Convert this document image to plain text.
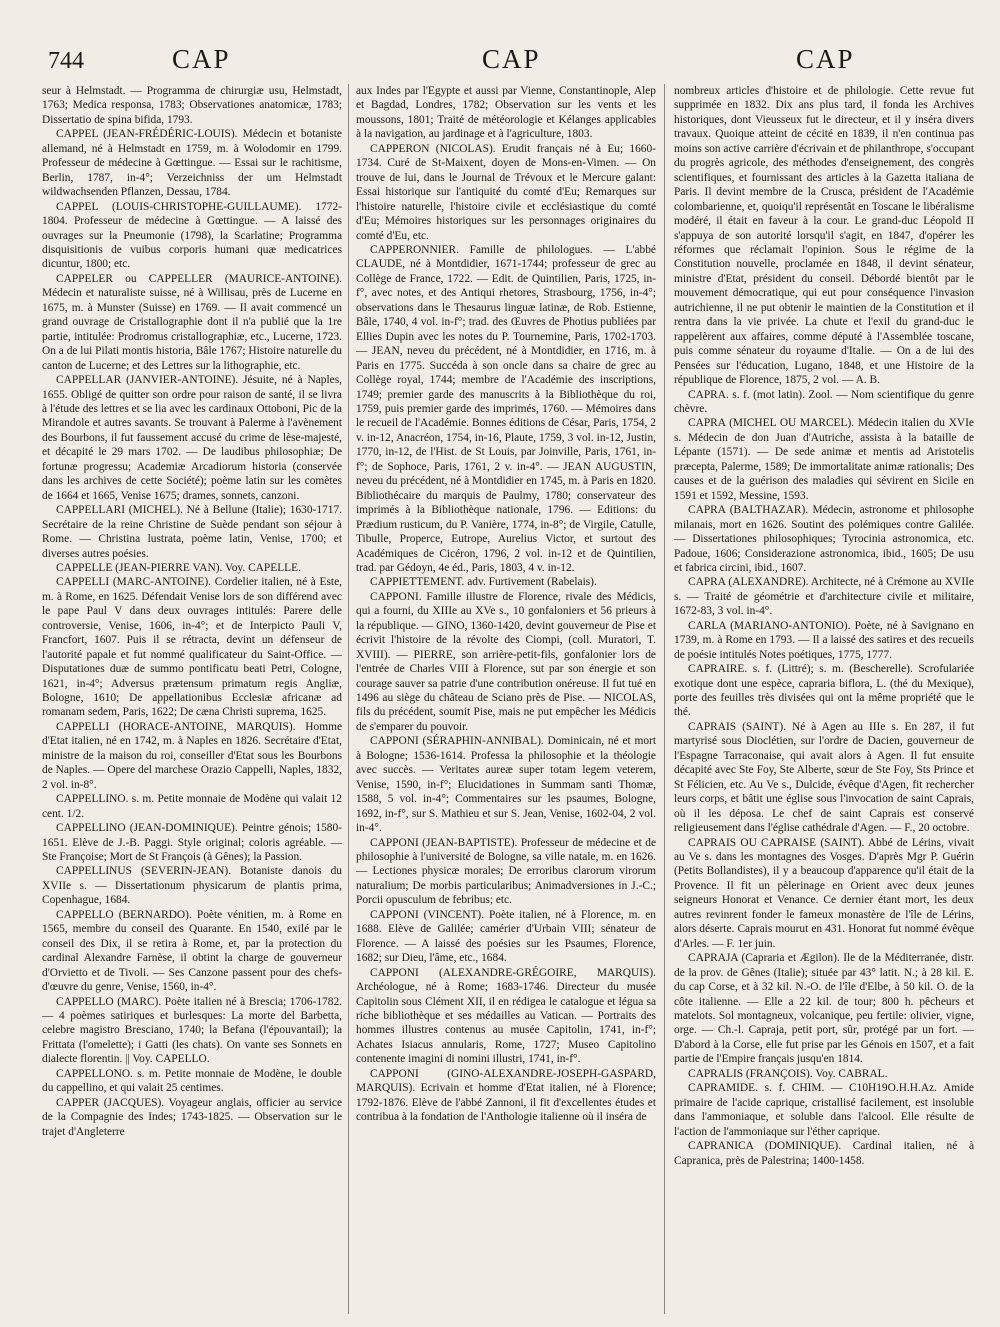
744	CAP	CAP	CAP

seur à Helmstadt. — Programma de chirurgiæ usu, Helmstadt, 1763; Medica responsa, 1783; Observationes anatomicæ, 1783; Dissertatio de spina bifida, 1793.

CAPPEL (JEAN-FRÉDÉRIC-LOUIS). Médecin et botaniste allemand, né à Helmstadt en 1759, m. à Wolodomir en 1799. Professeur de médecine à Gœttingue. — Essai sur le rachitisme, Berlin, 1787, in-4°; Verzeichniss der um Helmstadt wildwachsenden Pflanzen, Dessau, 1784.

CAPPEL (LOUIS-CHRISTOPHE-GUILLAUME). 1772-1804. Professeur de médecine à Gœttingue. — A laissé des ouvrages sur la Pneumonie (1798), la Scarlatine; Programma disquisitionis de vuibus corporis humani quæ medicatrices dicuntur, 1800; etc.

CAPPELER ou CAPPELLER (MAURICE-ANTOINE). Médecin et naturaliste suisse, né à Willisau, près de Lucerne en 1675, m. à Munster (Suisse) en 1769. — Il avait commencé un grand ouvrage de Cristallographie dont il n'a publié que la 1re partie, intitulée: Prodromus cristallographiæ, etc., Lucerne, 1723. On a de lui Pilati montis historia, Bâle 1767; Histoire naturelle du canton de Lucerne; et des Lettres sur la lithographie, etc.

CAPPELLAR (JANVIER-ANTOINE). Jésuite, né à Naples, 1655. Obligé de quitter son ordre pour raison de santé, il se livra à l'étude des lettres et se lia avec les cardinaux Ottoboni, Pic de la Mirandole et autres savants. Se trouvant à Palerme à l'avènement des Bourbons, il fut faussement accusé du crime de lèse-majesté, et décapité le 29 mars 1702. — De laudibus philosophiæ; De fortunæ progressu; Academiæ Arcadiorum historia (conservée dans les archives de cette Société); poème latin sur les comètes de 1664 et 1665, Venise 1675; drames, sonnets, canzoni.

CAPPELLARI (MICHEL). Né à Bellune (Italie); 1630-1717. Secrétaire de la reine Christine de Suède pendant son séjour à Rome. — Christina lustrata, poème latin, Venise, 1700; et diverses autres poésies.

CAPPELLE (JEAN-PIERRE VAN). Voy. CAPELLE.

CAPPELLI (MARC-ANTOINE). Cordelier italien, né à Este, m. à Rome, en 1625. Défendait Venise lors de son différend avec le pape Paul V dans deux ouvrages intitulés: Parere delle controversie, Venise, 1606, in-4°; et de Interpicto Pauli V, Francfort, 1607. Puis il se rétracta, devint un défenseur de l'autorité papale et fut nommé qualificateur du Saint-Office. — Disputationes duæ de summo pontificatu beati Petri, Cologne, 1621, in-4°; Adversus prætensum primatum regis Angliæ, Bologne, 1610; De appellationibus Ecclesiæ africanæ ad romanam sedem, Paris, 1622; De cæna Christi suprema, 1625.

CAPPELLI (HORACE-ANTOINE, MARQUIS). Homme d'Etat italien, né en 1742, m. à Naples en 1826. Secrétaire d'Etat, ministre de la maison du roi, conseiller d'Etat sous les Bourbons de Naples. — Opere del marchese Orazio Cappelli, Naples, 1832, 2 vol. in-8°.

CAPPELLINO. s. m. Petite monnaie de Modène qui valait 12 cent. 1/2.

CAPPELLINO (JEAN-DOMINIQUE). Peintre génois; 1580-1651. Elève de J.-B. Paggi. Style original; coloris agréable. — Ste Françoise; Mort de St François (à Gênes); la Passion.

CAPPELLINUS (SEVERIN-JEAN). Botaniste danois du XVIIe s. — Dissertationum physicarum de plantis prima, Copenhague, 1684.

CAPPELLO (BERNARDO). Poète vénitien, m. à Rome en 1565, membre du conseil des Quarante. En 1540, exilé par le conseil des Dix, il se retira à Rome, et, par la protection du cardinal Alexandre Farnèse, il obtint la charge de gouverneur d'Orvietto et de Tivoli. — Ses Canzone passent pour des chefs-d'œuvre du genre, Venise, 1560, in-4°.

CAPPELLO (MARC). Poète italien né à Brescia; 1706-1782. — 4 poèmes satiriques et burlesques: La morte del Barbetta, celebre magistro Bresciano, 1740; la Befana (l'épouvantail); la Frittata (l'omelette); i Gatti (les chats). On vante ses Sonnets en dialecte florentin. || Voy. CAPELLO.

CAPPELLONO. s. m. Petite monnaie de Modène, le double du cappellino, et qui valait 25 centimes.

CAPPER (JACQUES). Voyageur anglais, officier au service de la Compagnie des Indes; 1743-1825. — Observation sur le trajet d'Angleterre

aux Indes par l'Egypte et aussi par Vienne, Constantinople, Alep et Bagdad, Londres, 1782; Observation sur les vents et les moussons, 1801; Traité de météorologie et Kélanges applicables à la navigation, au jardinage et à l'agriculture, 1803.

CAPPERON (NICOLAS). Erudit français né à Eu; 1660-1734. Curé de St-Maixent, doyen de Mons-en-Vimen. — On trouve de lui, dans le Journal de Trévoux et le Mercure galant: Essai historique sur l'antiquité du comté d'Eu; Remarques sur l'histoire naturelle, l'histoire civile et ecclésiastique du comté d'Eu; Mémoires historiques sur les personnages originaires du comté d'Eu, etc.

CAPPERONNIER. Famille de philologues. — L'abbé CLAUDE, né à Montdidier, 1671-1744; professeur de grec au Collège de France, 1722. — Edit. de Quintilien, Paris, 1725, in-f°, avec notes, et des Antiqui rhetores, Strasbourg, 1756, in-4°; observations dans le Thesaurus linguæ latinæ, de Rob. Estienne, Bâle, 1740, 4 vol. in-f°; trad. des Œuvres de Photius publiées par Ellies Dupin avec les notes du P. Tournemine, Paris, 1702-1703. — JEAN, neveu du précédent, né à Montdidier, en 1716, m. à Paris en 1775. Succéda à son oncle dans sa chaire de grec au Collège royal, 1744; membre de l'Académie des inscriptions, 1749; premier garde des manuscrits à la Bibliothèque du roi, 1759, puis premier garde des imprimés, 1760. — Mémoires dans le recueil de l'Académie. Bonnes éditions de César, Paris, 1754, 2 v. in-12, Anacréon, 1754, in-16, Plaute, 1759, 3 vol. in-12, Justin, 1770, in-12, de l'Hist. de St Louis, par Joinville, Paris, 1761, in-f°; de Sophoce, Paris, 1761, 2 v. in-4°. — JEAN AUGUSTIN, neveu du précédent, né à Montdidier en 1745, m. à Paris en 1820. Bibliothécaire du marquis de Paulmy, 1780; conservateur des imprimés à la Bibliothèque nationale, 1796. — Editions: du Prædium rusticum, du P. Vanière, 1774, in-8°; de Virgile, Catulle, Tibulle, Properce, Eutrope, Aurelius Victor, et surtout des Académiques de Cicéron, 1796, 2 vol. in-12 et de Quintilien, trad. par Gédoyn, 4e éd., Paris, 1803, 4 v. in-12.

CAPPIETTEMENT. adv. Furtivement (Rabelais).

CAPPONI. Famille illustre de Florence, rivale des Médicis, qui a fourni, du XIIIe au XVe s., 10 gonfaloniers et 56 prieurs à la république. — GINO, 1360-1420, devint gouverneur de Pise et écrivit l'histoire de la révolte des Ciompi, (coll. Muratori, T. XVIII). — PIERRE, son arrière-petit-fils, gonfalonier lors de l'entrée de Charles VIII à Florence, sut par son énergie et son courage sauver sa patrie d'une contribution onéreuse. Il fut tué en 1496 au siège du château de Sciano près de Pise. — NICOLAS, fils du précédent, soumit Pise, mais ne put empêcher les Médicis de s'emparer du pouvoir.

CAPPONI (SÉRAPHIN-ANNIBAL). Dominicain, né et mort à Bologne; 1536-1614. Professa la philosophie et la théologie avec succès. — Veritates aureæ super totam legem veterem, Venise, 1590, in-f°; Elucidationes in Summam santi Thomæ, 1588, 5 vol. in-4°; Commentaires sur les psaumes, Bologne, 1692, in-f°, sur S. Mathieu et sur S. Jean, Venise, 1602-04, 2 vol. in-4°.

CAPPONI (JEAN-BAPTISTE). Professeur de médecine et de philosophie à l'université de Bologne, sa ville natale, m. en 1626. — Lectiones physicæ morales; De erroribus clarorum virorum naturalium; De morbis particularibus; Animadversiones in J.-C.; Porcii opusculum de febribus; etc.

CAPPONI (VINCENT). Poète italien, né à Florence, m. en 1688. Elève de Galilée; camérier d'Urbain VIII; sénateur de Florence. — A laissé des poésies sur les Psaumes, Florence, 1682; sur Dieu, l'âme, etc., 1684.

CAPPONI (ALEXANDRE-GRÉGOIRE, MARQUIS). Archéologue, né à Rome; 1683-1746. Directeur du musée Capitolin sous Clément XII, il en rédigea le catalogue et légua sa riche bibliothèque et ses médailles au Vatican. — Portraits des hommes illustres contenus au musée Capitolin, 1741, in-f°; Achates Isiacus annularis, Rome, 1727; Museo Capitolino contenente imagini di nomini illustri, 1741, in-f°.

CAPPONI (GINO-ALEXANDRE-JOSEPH-GASPARD, MARQUIS). Ecrivain et homme d'Etat italien, né à Florence; 1792-1876. Elève de l'abbé Zannoni, il fit d'excellentes études et contribua à la fondation de l'Anthologie italienne où il inséra de

nombreux articles d'histoire et de philologie. Cette revue fut supprimée en 1832. Dix ans plus tard, il fonda les Archives historiques, dont Vieusseux fut le directeur, et il y inséra divers travaux. Quoique atteint de cécité en 1839, il n'en continua pas moins son active carrière d'écrivain et de philanthrope, s'occupant du progrès agricole, des méthodes d'enseignement, des congrès scientifiques, et fournissant des articles à la Gazetta italiana de Paris. Il devint membre de la Crusca, président de l'Académie colombarienne, et, quoiqu'il représentât en Toscane le libéralisme modéré, il était en faveur à la cour. Le grand-duc Léopold II s'appuya de son autorité lorsqu'il s'agit, en 1847, d'opérer les réformes que réclamait l'opinion. Sous le régime de la Constitution nouvelle, proclamée en 1848, il devint sénateur, ministre d'Etat, président du conseil. Débordé bientôt par le mouvement démocratique, qui eut pour conséquence l'invasion autrichienne, il ne put obtenir le maintien de la Constitution et il rentra dans la vie privée. La chute et l'exil du grand-duc le rappelèrent aux affaires, comme député à l'Assemblée toscane, puis comme sénateur du royaume d'Italie. — On a de lui des Pensées sur l'éducation, Lugano, 1848, et une Histoire de la république de Florence, 1875, 2 vol. — A. B.

CAPRA. s. f. (mot latin). Zool. — Nom scientifique du genre chèvre.

CAPRA (MICHEL OU MARCEL). Médecin italien du XVIe s. Médecin de don Juan d'Autriche, assista à la bataille de Lépante (1571). — De sede animæ et mentis ad Aristotelis præcepta, Palerme, 1589; De immortalitate animæ rationalis; Des causes et de la guérison des maladies qui sévirent en Sicile en 1591 et 1592, Messine, 1593.

CAPRA (BALTHAZAR). Médecin, astronome et philosophe milanais, mort en 1626. Soutint des polémiques contre Galilée. — Dissertationes philosophiques; Tyrocinia astronomica, etc. Padoue, 1606; Considerazione astronomica, ibid., 1605; De usu et fabrica circini, ibid., 1607.

CAPRA (ALEXANDRE). Architecte, né à Crémone au XVIIe s. — Traité de géométrie et d'architecture civile et militaire, 1672-83, 3 vol. in-4°.

CARLA (MARIANO-ANTONIO). Poète, né à Savignano en 1739, m. à Rome en 1793. — Il a laissé des satires et des recueils de poésie intitulés Notes poétiques, 1775, 1777.

CAPRAIRE. s. f. (Littré); s. m. (Bescherelle). Scrofulariée exotique dont une espèce, capraria biflora, L. (thé du Mexique), porte des feuilles très divisées qui ont la même propriété que le thé.

CAPRAIS (SAINT). Né à Agen au IIIe s. En 287, il fut martyrisé sous Dioclétien, sur l'ordre de Dacien, gouverneur de l'Espagne Tarraconaise, qui avait alors à Agen. Il fut ensuite décapité avec Ste Foy, Ste Alberte, sœur de Ste Foy, Sts Prince et St Félicien, etc. Au Ve s., Dulcide, évêque d'Agen, fit rechercher leurs corps, et bâtit une église sous l'invocation de saint Caprais, où il les déposa. Le chef de saint Caprais est conservé religieusement dans l'église cathédrale d'Agen. — F., 20 octobre.

CAPRAIS OU CAPRAISE (SAINT). Abbé de Lérins, vivait au Ve s. dans les montagnes des Vosges. D'après Mgr P. Guérin (Petits Bollandistes), il y a beaucoup d'apparence qu'il était de la Provence. Il fit un pèlerinage en Orient avec deux jeunes seigneurs Honorat et Venance. Ce dernier étant mort, les deux autres revinrent fonder le fameux monastère de l'île de Lérins, alors déserte. Caprais mourut en 431. Honorat fut nommé évêque d'Arles. — F. 1er juin.

CAPRAJA (Capraria et Ægilon). Ile de la Méditerranée, distr. de la prov. de Gênes (Italie); située par 43° latit. N.; à 28 kil. E. du cap Corse, et à 32 kil. N.-O. de l'île d'Elbe, à 50 kil. O. de la côte italienne. — Elle a 22 kil. de tour; 800 h. pêcheurs et matelots. Sol montagneux, volcanique, peu fertile: olivier, vigne, orge. — Ch.-l. Capraja, petit port, sûr, protégé par un fort. — D'abord à la Corse, elle fut prise par les Génois en 1507, et a fait partie de l'Empire français jusqu'en 1814.

CAPRALIS (FRANÇOIS). Voy. CABRAL.

CAPRAMIDE. s. f. CHIM. — C10H19O.H.H.Az. Amide primaire de l'acide caprique, cristallisé facilement, est insoluble dans l'ammoniaque, et soluble dans l'alcool. Elle résulte de l'action de l'ammoniaque sur l'éther caprique.

CAPRANICA (DOMINIQUE). Cardinal italien, né à Capranica, près de Palestrina; 1400-1458.
